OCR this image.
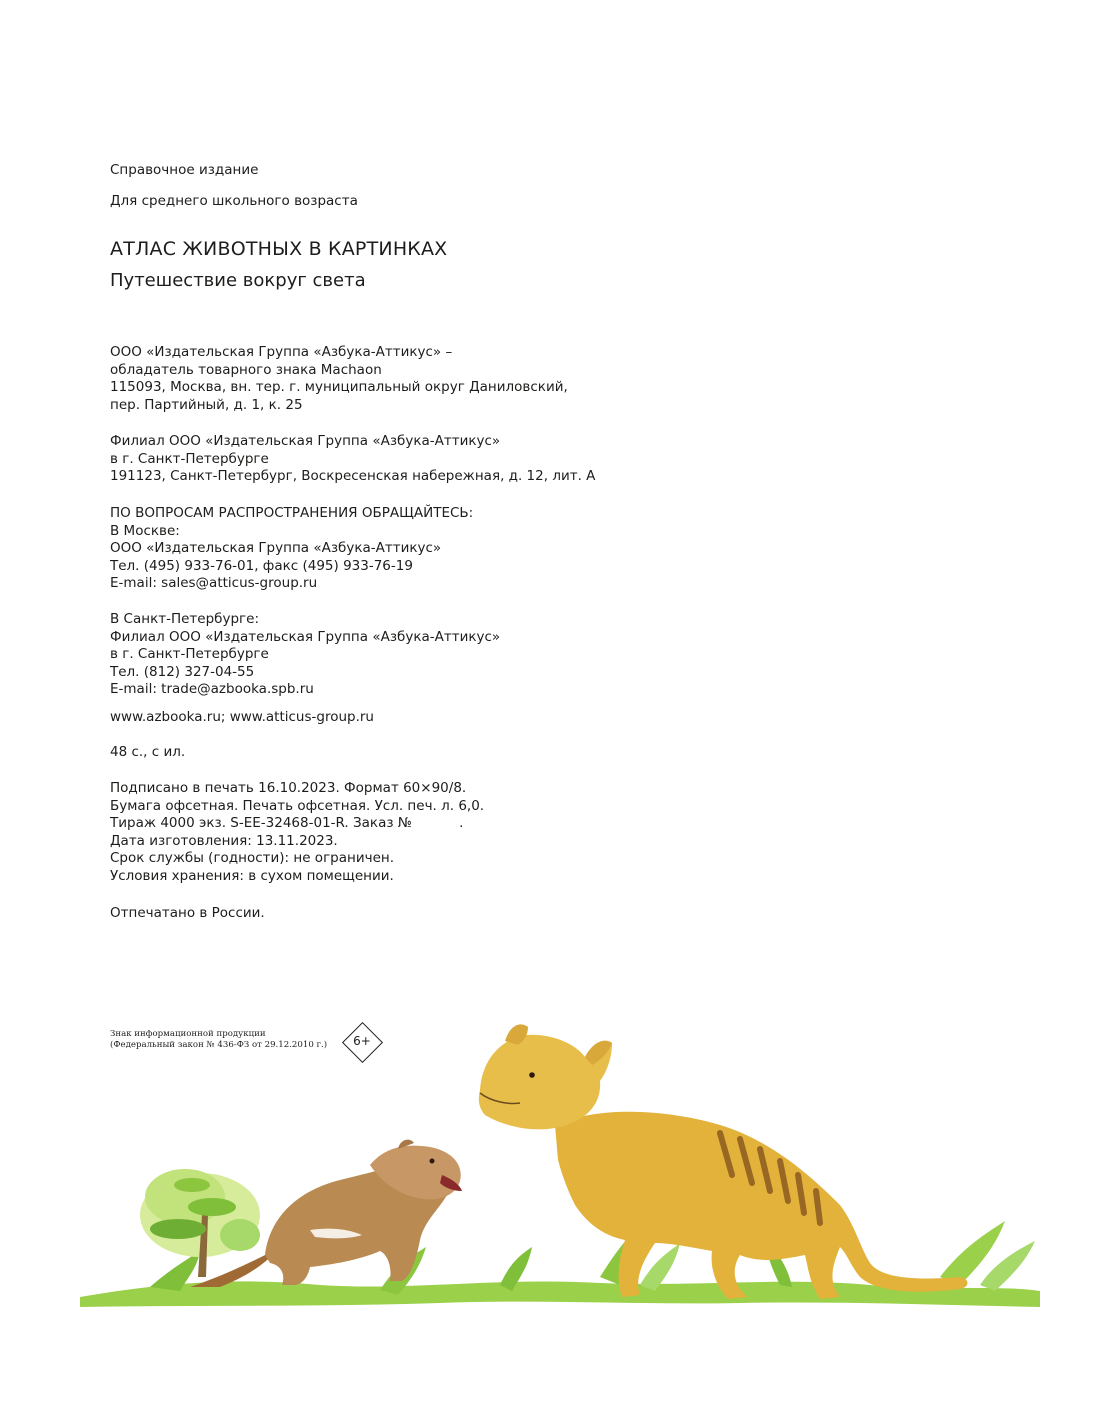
Справочное издание
Для среднего школьного возраста
АТЛАС ЖИВОТНЫХ В КАРТИНКАХ
Путешествие вокруг света
ООО «Издательская Группа «Азбука-Аттикус» –
обладатель товарного знака Machaon
115093, Москва, вн. тер. г. муниципальный округ Даниловский,
пер. Партийный, д. 1, к. 25
Филиал ООО «Издательская Группа «Азбука-Аттикус»
в г. Санкт-Петербурге
191123, Санкт-Петербург, Воскресенская набережная, д. 12, лит. А
ПО ВОПРОСАМ РАСПРОСТРАНЕНИЯ ОБРАЩАЙТЕСЬ:
В Москве:
ООО «Издательская Группа «Азбука-Аттикус»
Тел. (495) 933-76-01, факс (495) 933-76-19
E-mail: sales@atticus-group.ru
В Санкт-Петербурге:
Филиал ООО «Издательская Группа «Азбука-Аттикус»
в г. Санкт-Петербурге
Тел. (812) 327-04-55
E-mail: trade@azbooka.spb.ru
www.azbooka.ru; www.atticus-group.ru
48 с., с ил.
Подписано в печать 16.10.2023. Формат 60×90/8.
Бумага офсетная. Печать офсетная. Усл. печ. л. 6,0.
Тираж 4000 экз. S-EE-32468-01-R. Заказ №           .
Дата изготовления: 13.11.2023.
Срок службы (годности): не ограничен.
Условия хранения: в сухом помещении.
Отпечатано в России.
Знак информационной продукции
(Федеральный закон № 436-ФЗ от 29.12.2010 г.)	6+
